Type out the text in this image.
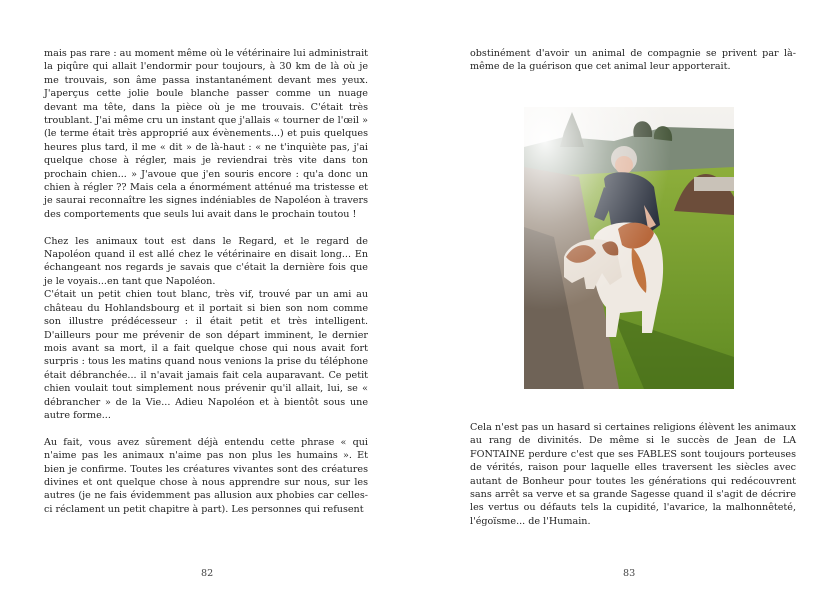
mais pas rare : au moment même où le vétérinaire lui administrait la piqûre qui allait l'endormir pour toujours, à 30 km de là où je me trouvais, son âme passa instantanément devant mes yeux. J'aperçus cette jolie boule blanche passer comme un nuage devant ma tête, dans la pièce où je me trouvais. C'était très troublant. J'ai même cru un instant que j'allais « tourner de l'œil » (le terme était très approprié aux évènements...) et puis quelques heures plus tard, il me « dit » de là-haut : « ne t'inquiète pas, j'ai quelque chose à régler, mais je reviendrai très vite dans ton prochain chien... » J'avoue que j'en souris encore : qu'a donc un chien à régler ?? Mais cela a énormément atténué ma tristesse et je saurai reconnaître les signes indéniables de Napoléon à travers des comportements que seuls lui avait dans le prochain toutou !

Chez les animaux tout est dans le Regard, et le regard de Napoléon quand il est allé chez le vétérinaire en disait long... En échangeant nos regards je savais que c'était la dernière fois que je le voyais...en tant que Napoléon.

C'était un petit chien tout blanc, très vif, trouvé par un ami au château du Hohlandsbourg et il portait si bien son nom comme son illustre prédécesseur : il était petit et très intelligent. D'ailleurs pour me prévenir de son départ imminent, le dernier mois avant sa mort, il a fait quelque chose qui nous avait fort surpris : tous les matins quand nous venions la prise du téléphone était débranchée... il n'avait jamais fait cela auparavant. Ce petit chien voulait tout simplement nous prévenir qu'il allait, lui, se « débrancher » de la Vie... Adieu Napoléon et à bientôt sous une autre forme...

Au fait, vous avez sûrement déjà entendu cette phrase « qui n'aime pas les animaux n'aime pas non plus les humains ». Et bien je confirme. Toutes les créatures vivantes sont des créatures divines et ont quelque chose à nous apprendre sur nous, sur les autres (je ne fais évidemment pas allusion aux phobies car celles-ci réclament un petit chapitre à part). Les personnes qui refusent

82
obstinément d'avoir un animal de compagnie se privent par là-même de la guérison que cet animal leur apporterait.
Cela n'est pas un hasard si certaines religions élèvent les animaux au rang de divinités. De même si le succès de Jean de LA FONTAINE perdure c'est que ses FABLES sont toujours porteuses de vérités, raison pour laquelle elles traversent les siècles avec autant de Bonheur pour toutes les générations qui redécouvrent sans arrêt sa verve et sa grande Sagesse quand il s'agit de décrire les vertus ou défauts tels la cupidité, l'avarice, la malhonnêteté, l'égoïsme... de l'Humain.
83
